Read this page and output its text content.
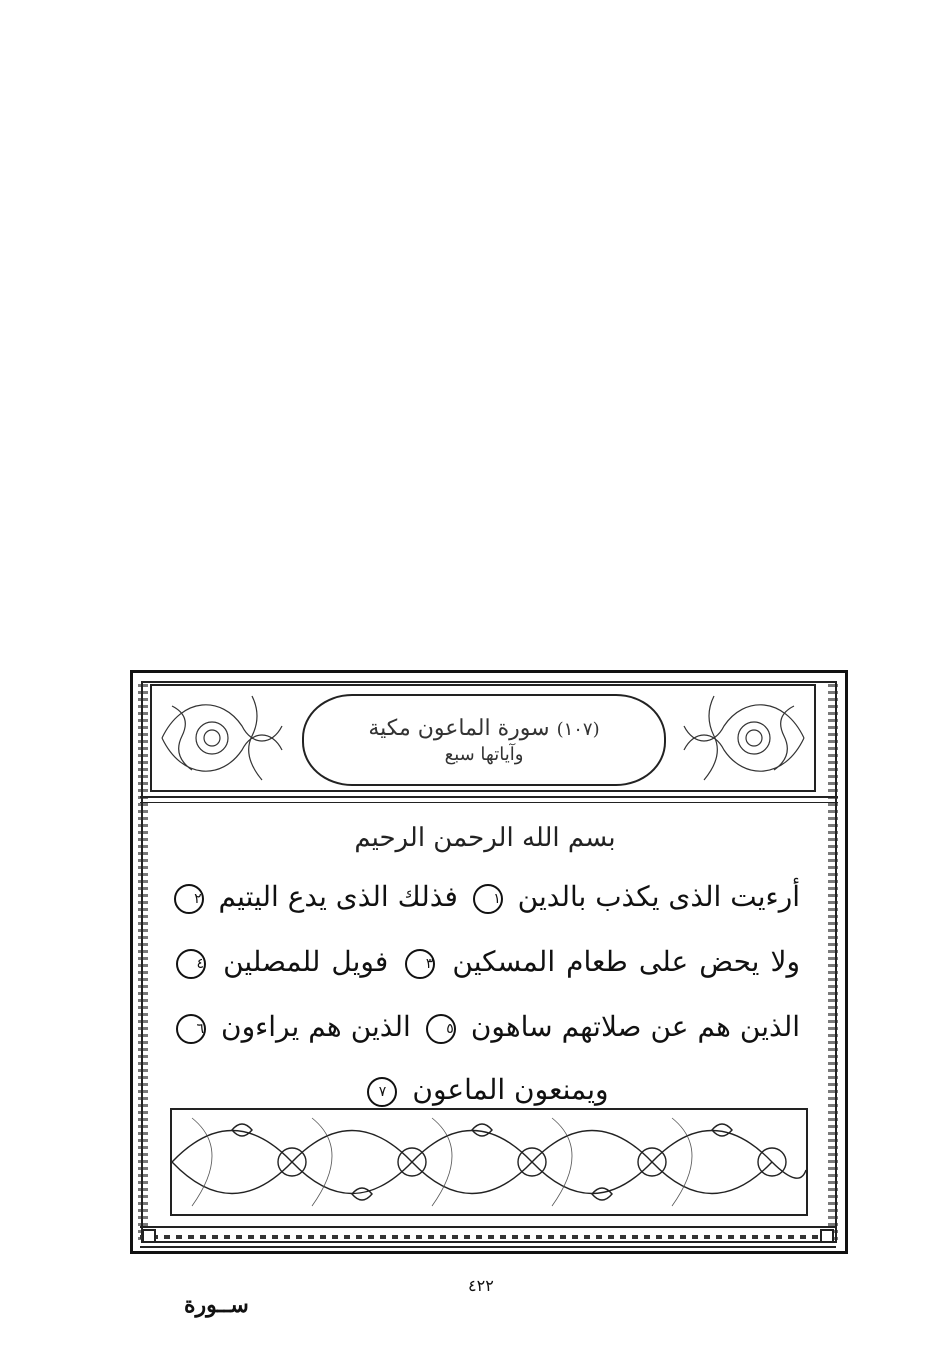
(١٠٧) سورة الماعون مكية
وآياتها سبع
بسم الله الرحمن الرحيم
أرءيت الذى يكذب بالدين ١ فذلك الذى يدع اليتيم ٢
ولا يحض على طعام المسكين ٣ فويل للمصلين ٤
الذين هم عن صلاتهم ساهون ٥ الذين هم يراءون ٦
ويمنعون الماعون ٧
٤٢٢
ســورة
